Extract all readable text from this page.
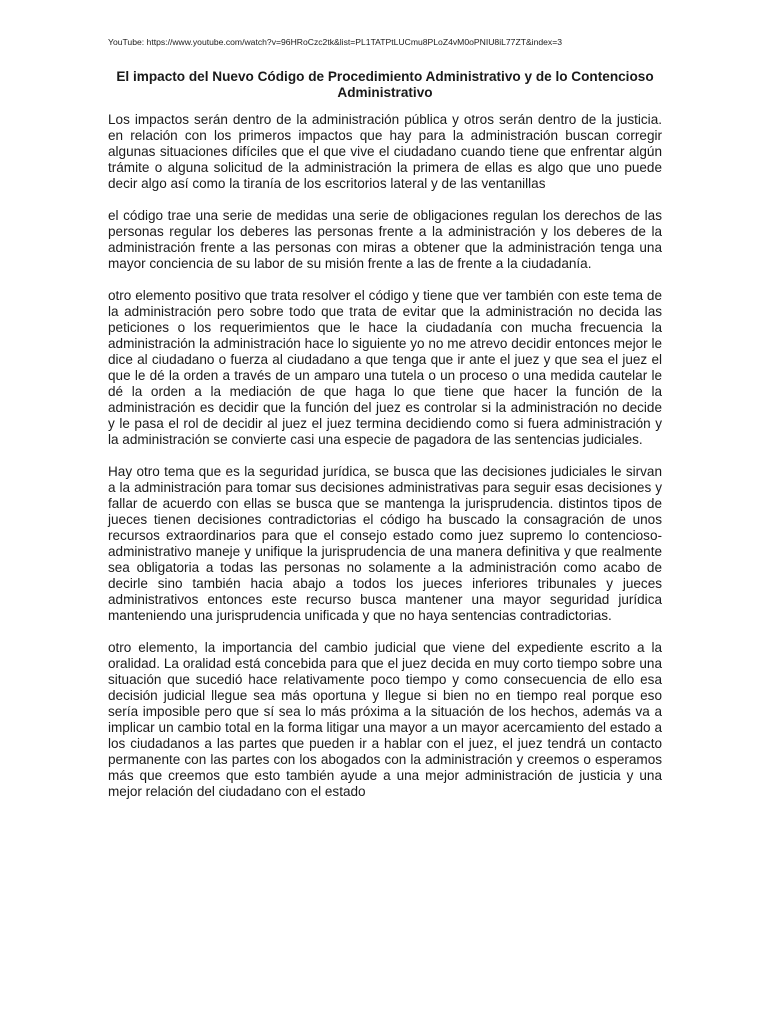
YouTube: https://www.youtube.com/watch?v=96HRoCzc2tk&list=PL1TATPtLUCmu8PLoZ4vM0oPNIU8iL77ZT&index=3
El impacto del Nuevo Código de Procedimiento Administrativo y de lo Contencioso Administrativo

Los impactos serán dentro de la administración pública y otros serán dentro de la justicia. en relación con los primeros impactos que hay para la administración buscan corregir algunas situaciones difíciles que el que vive el ciudadano cuando tiene que enfrentar algún trámite o alguna solicitud de la administración la primera de ellas es algo que uno puede decir algo así como la tiranía de los escritorios lateral y de las ventanillas

el código trae una serie de medidas una serie de obligaciones regulan los derechos de las personas regular los deberes las personas frente a la administración y los deberes de la administración frente a las personas con miras a obtener que la administración tenga una mayor conciencia de su labor de su misión frente a las de frente a la ciudadanía.

otro elemento positivo que trata resolver el código y tiene que ver también con este tema de la administración pero sobre todo que trata de evitar que la administración no decida las peticiones o los requerimientos que le hace la ciudadanía con mucha frecuencia la administración la administración hace lo siguiente yo no me atrevo decidir entonces mejor le dice al ciudadano o fuerza al ciudadano a que tenga que ir ante el juez y que sea el juez el que le dé la orden a través de un amparo una tutela o un proceso o una medida cautelar le dé la orden a la mediación de que haga lo que tiene que hacer la función de la administración es decidir que la función del juez es controlar si la administración no decide y le pasa el rol de decidir al juez el juez termina decidiendo como si fuera administración y la administración se convierte casi una especie de pagadora de las sentencias judiciales.

Hay otro tema que es la seguridad jurídica, se busca que las decisiones judiciales le sirvan a la administración para tomar sus decisiones administrativas para seguir esas decisiones y fallar de acuerdo con ellas se busca que se mantenga la jurisprudencia. distintos tipos de jueces tienen decisiones contradictorias el código ha buscado la consagración de unos recursos extraordinarios para que el consejo estado como juez supremo lo contencioso-administrativo maneje y unifique la jurisprudencia de una manera definitiva y que realmente sea obligatoria a todas las personas no solamente a la administración como acabo de decirle sino también hacia abajo a todos los jueces inferiores tribunales y jueces administrativos entonces este recurso busca mantener una mayor seguridad jurídica manteniendo una jurisprudencia unificada y que no haya sentencias contradictorias.

otro elemento, la importancia del cambio judicial que viene del expediente escrito a la oralidad. La oralidad está concebida para que el juez decida en muy corto tiempo sobre una situación que sucedió hace relativamente poco tiempo y como consecuencia de ello esa decisión judicial llegue sea más oportuna y llegue si bien no en tiempo real porque eso sería imposible pero que sí sea lo más próxima a la situación de los hechos, además va a implicar un cambio total en la forma litigar una mayor a un mayor acercamiento del estado a los ciudadanos a las partes que pueden ir a hablar con el juez, el juez tendrá un contacto permanente con las partes con los abogados con la administración y creemos o esperamos más que creemos que esto también ayude a una mejor administración de justicia y una mejor relación del ciudadano con el estado
